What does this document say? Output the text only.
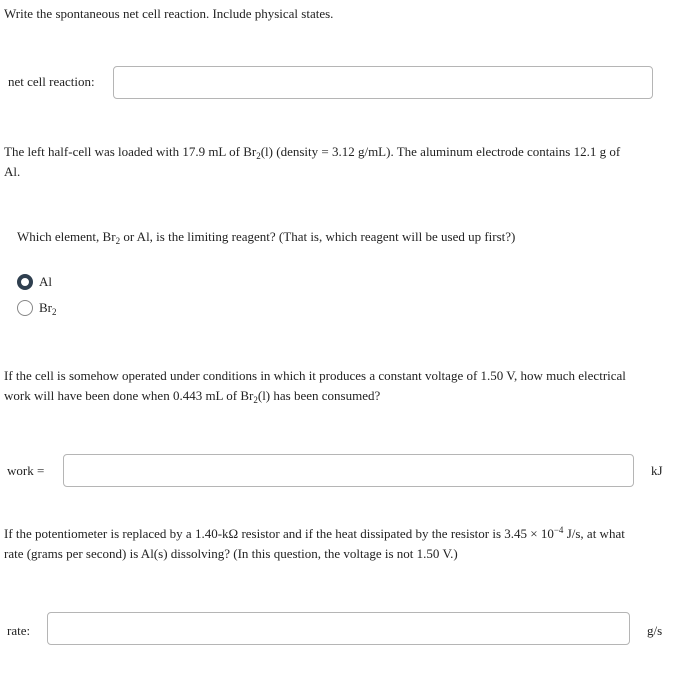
Write the spontaneous net cell reaction. Include physical states.
net cell reaction:
The left half-cell was loaded with 17.9 mL of $Br_2(l)$ (density = 3.12 g/mL). The aluminum electrode contains 12.1 g of
Al.
Which element, $Br_2$ or Al, is the limiting reagent? (That is, which reagent will be used up first?)
Al
$Br_2$
If the cell is somehow operated under conditions in which it produces a constant voltage of 1.50 V, how much electrical
work will have been done when 0.443 mL of $Br_2(l)$ has been consumed?
work =	kJ
If the potentiometer is replaced by a 1.40-kΩ resistor and if the heat dissipated by the resistor is $3.45 \times 10^{-4}$ J/s, at what
rate (grams per second) is Al(s) dissolving? (In this question, the voltage is not 1.50 V.)
rate:	g/s
